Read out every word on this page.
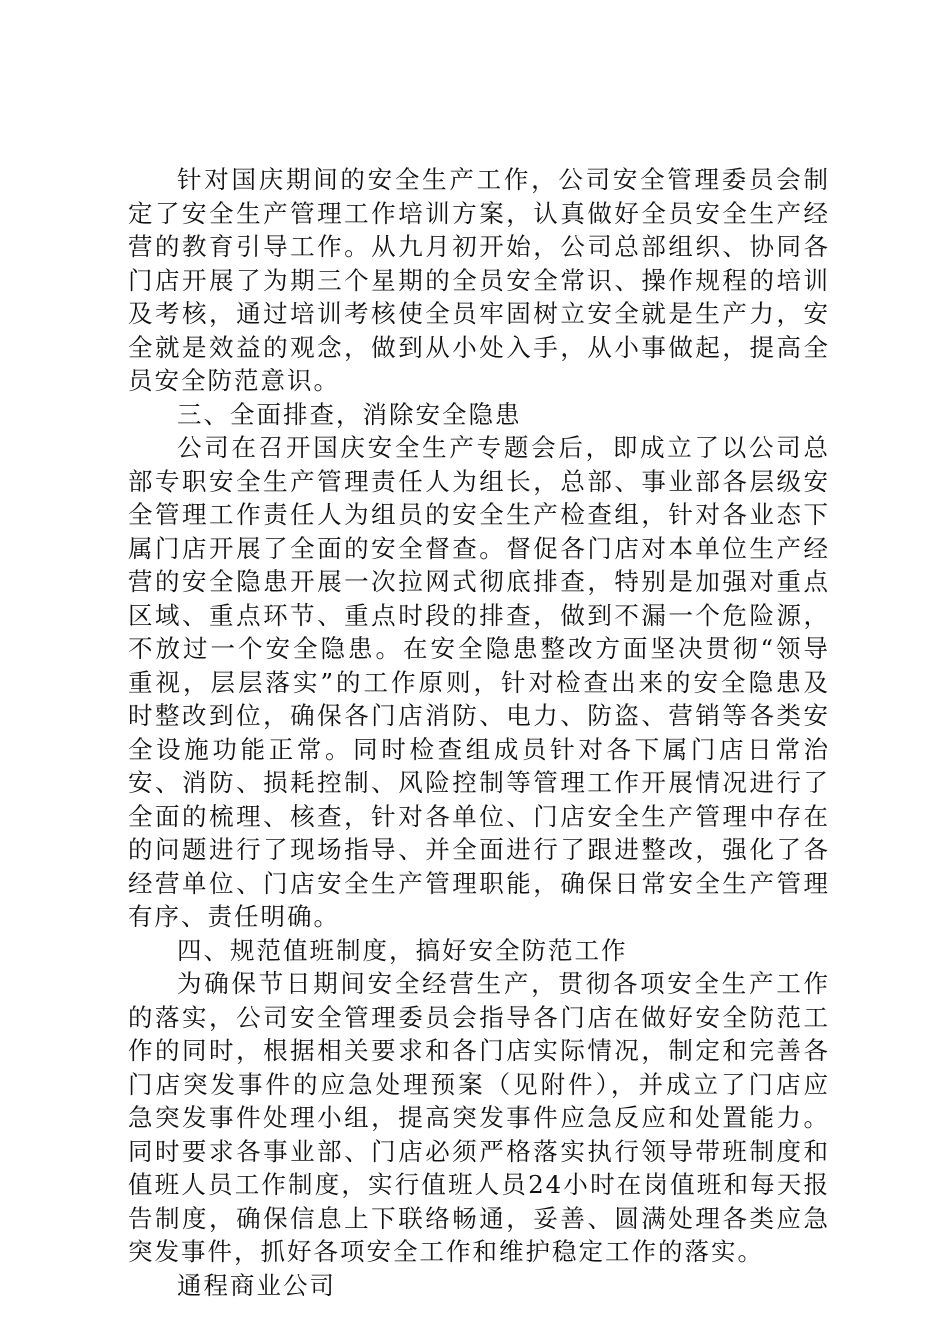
针对国庆期间的安全生产工作，公司安全管理委员会制定了安全生产管理工作培训方案，认真做好全员安全生产经营的教育引导工作。从九月初开始，公司总部组织、协同各门店开展了为期三个星期的全员安全常识、操作规程的培训及考核，通过培训考核使全员牢固树立安全就是生产力，安全就是效益的观念，做到从小处入手，从小事做起，提高全员安全防范意识。

三、全面排查，消除安全隐患

公司在召开国庆安全生产专题会后，即成立了以公司总部专职安全生产管理责任人为组长，总部、事业部各层级安全管理工作责任人为组员的安全生产检查组，针对各业态下属门店开展了全面的安全督查。督促各门店对本单位生产经营的安全隐患开展一次拉网式彻底排查，特别是加强对重点区域、重点环节、重点时段的排查，做到不漏一个危险源，不放过一个安全隐患。在安全隐患整改方面坚决贯彻“领导重视，层层落实”的工作原则，针对检查出来的安全隐患及时整改到位，确保各门店消防、电力、防盗、营销等各类安全设施功能正常。同时检查组成员针对各下属门店日常治安、消防、损耗控制、风险控制等管理工作开展情况进行了全面的梳理、核查，针对各单位、门店安全生产管理中存在的问题进行了现场指导、并全面进行了跟进整改，强化了各经营单位、门店安全生产管理职能，确保日常安全生产管理有序、责任明确。

四、规范值班制度，搞好安全防范工作

为确保节日期间安全经营生产，贯彻各项安全生产工作的落实，公司安全管理委员会指导各门店在做好安全防范工作的同时，根据相关要求和各门店实际情况，制定和完善各门店突发事件的应急处理预案（见附件），并成立了门店应急突发事件处理小组，提高突发事件应急反应和处置能力。同时要求各事业部、门店必须严格落实执行领导带班制度和值班人员工作制度，实行值班人员24小时在岗值班和每天报告制度，确保信息上下联络畅通，妥善、圆满处理各类应急突发事件，抓好各项安全工作和维护稳定工作的落实。

通程商业公司
